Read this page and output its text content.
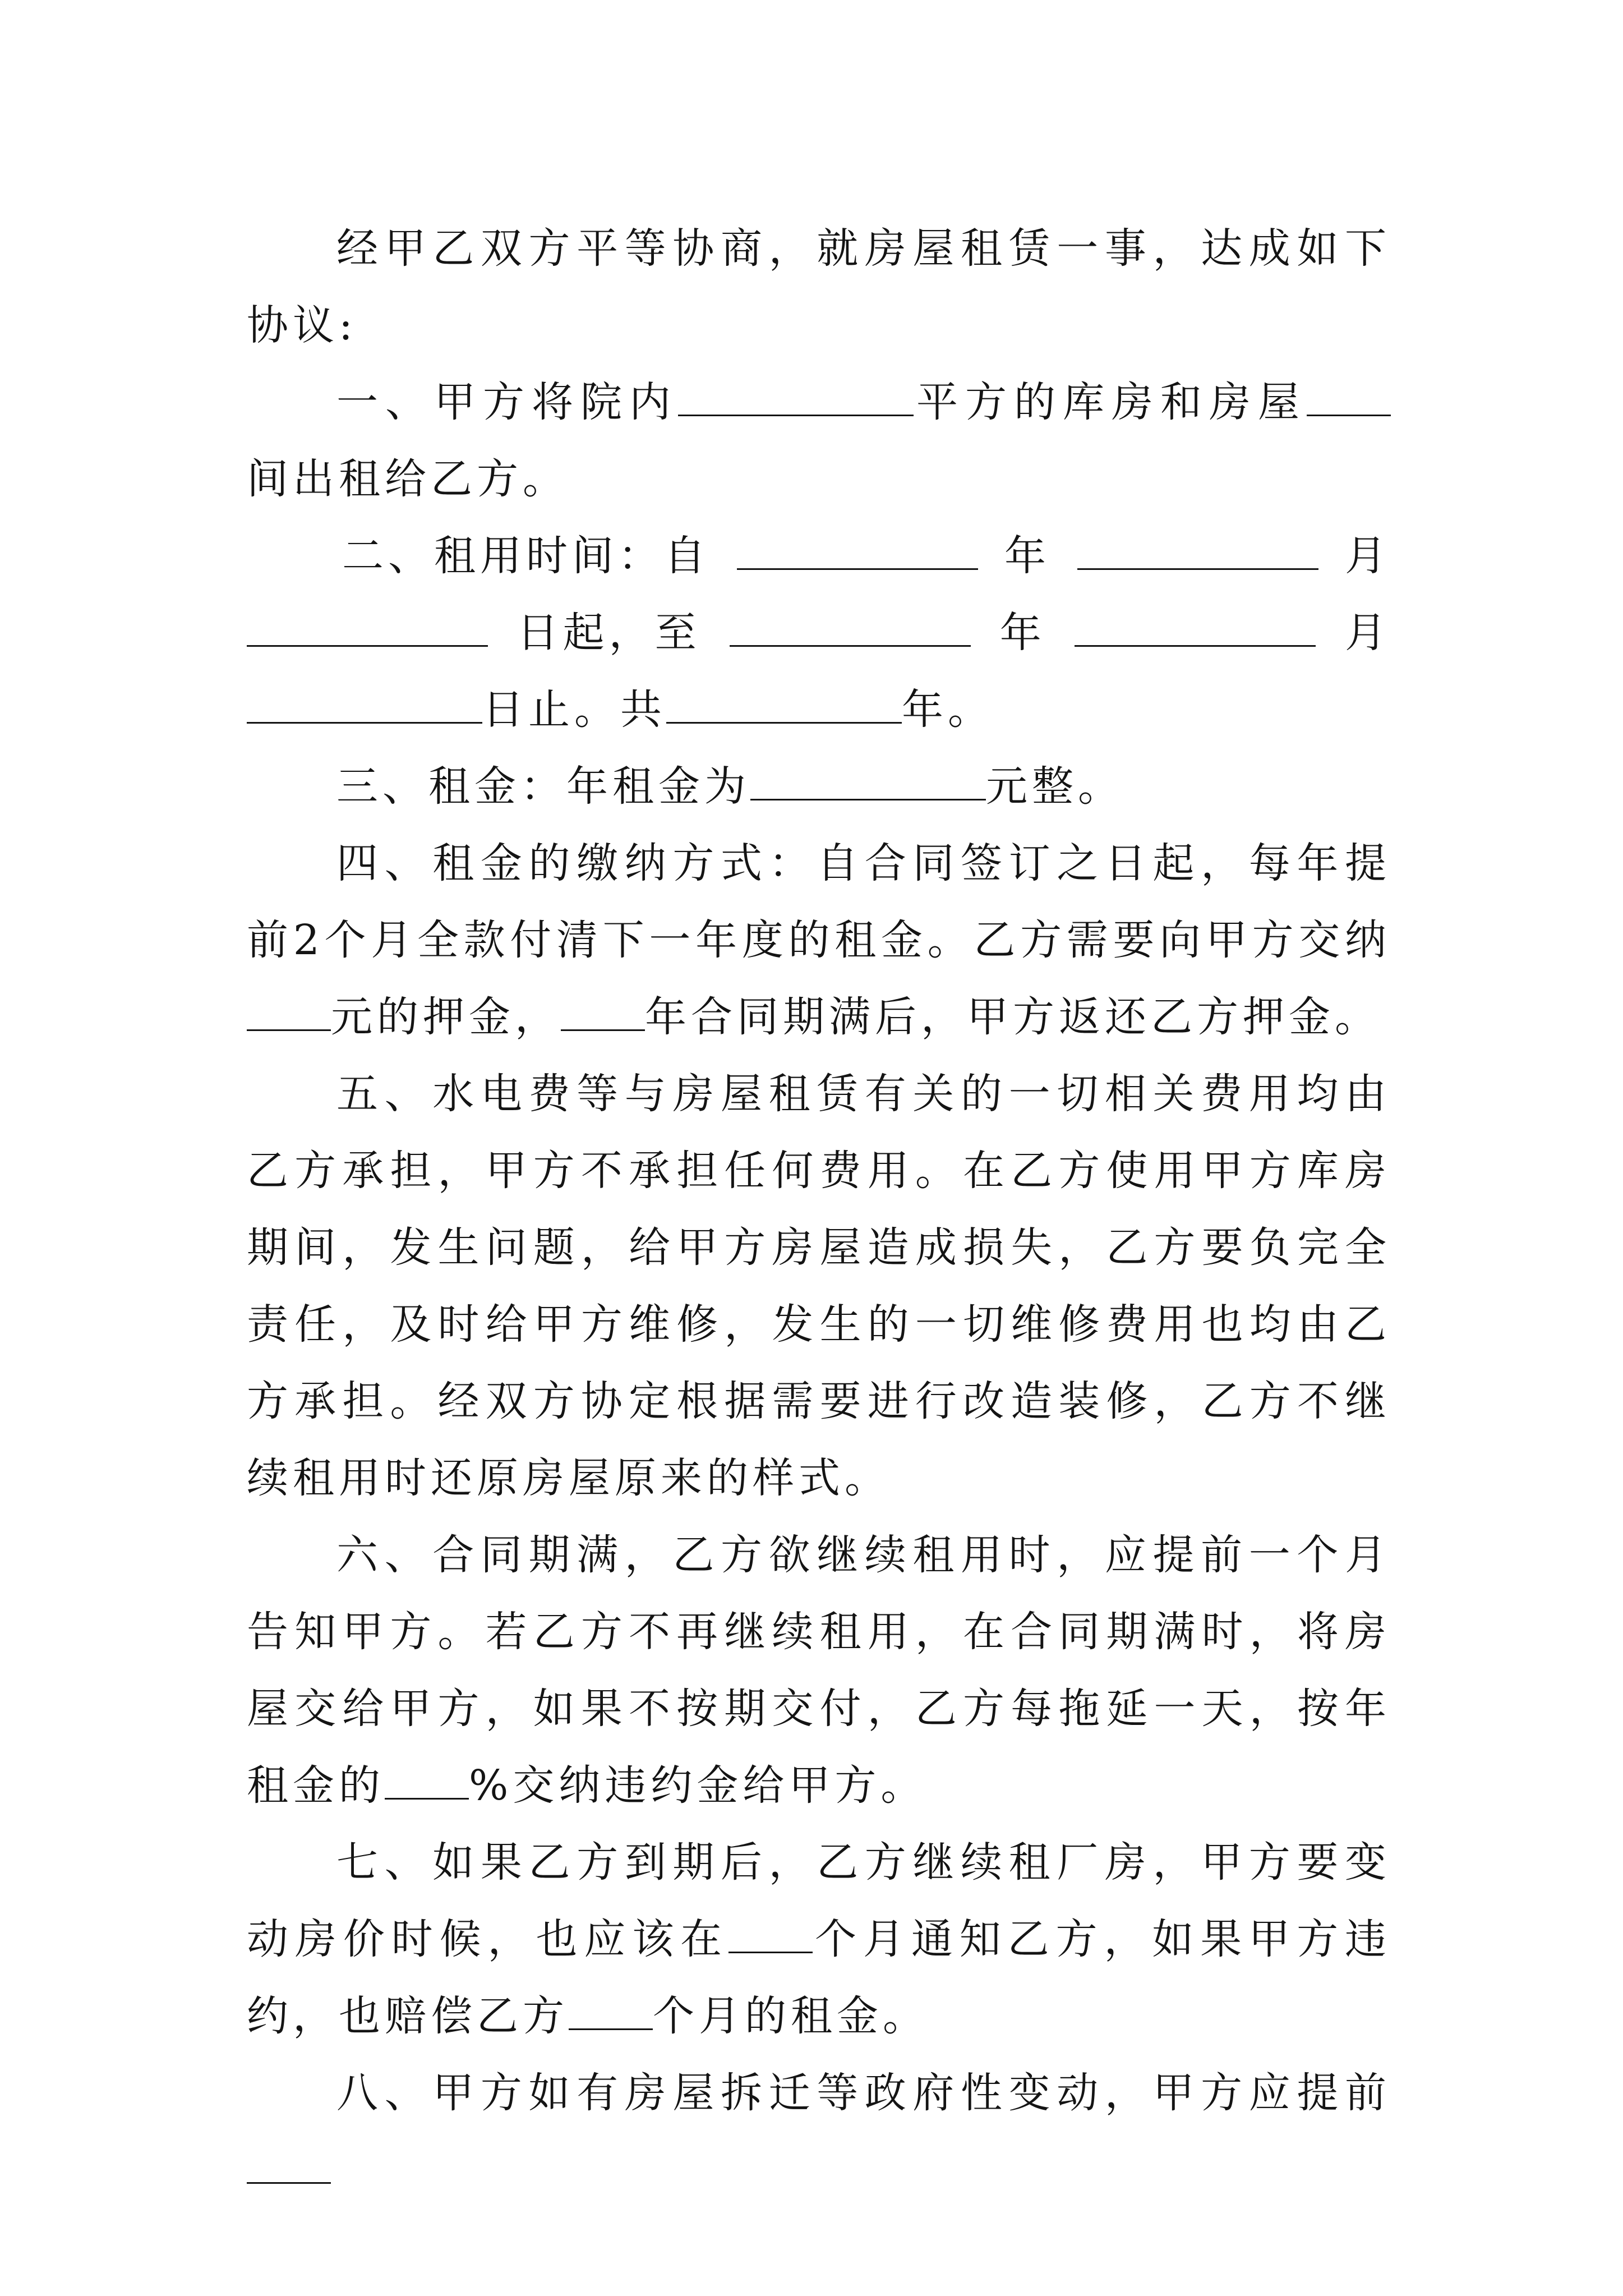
经甲乙双方平等协商，就房屋租赁一事，达成如下协议:

一、甲方将院内	平方的库房和房屋间出租给乙方。

二、租用时间：自	年	月
日起，至	年	月
日止。共	年。

三、租金：年租金为	元整。

四、租金的缴纳方式：自合同签订之日起，每年提前2个月全款付清下一年度的租金。乙方需要向甲方交纳元的押金， 年合同期满后，甲方返还乙方押金。

五、水电费等与房屋租赁有关的一切相关费用均由乙方承担，甲方不承担任何费用。在乙方使用甲方库房期间，发生问题，给甲方房屋造成损失，乙方要负完全责任，及时给甲方维修，发生的一切维修费用也均由乙方承担。经双方协定根据需要进行改造装修，乙方不继续租用时还原房屋原来的样式。

六、合同期满，乙方欲继续租用时，应提前一个月告知甲方。若乙方不再继续租用，在合同期满时，将房屋交给甲方，如果不按期交付，乙方每拖延一天，按年租金的 %交纳违约金给甲方。

七、如果乙方到期后，乙方继续租厂房，甲方要变动房价时候，也应该在 个月通知乙方，如果甲方违约，也赔偿乙方 个月的租金。

八、甲方如有房屋拆迁等政府性变动，甲方应提前
